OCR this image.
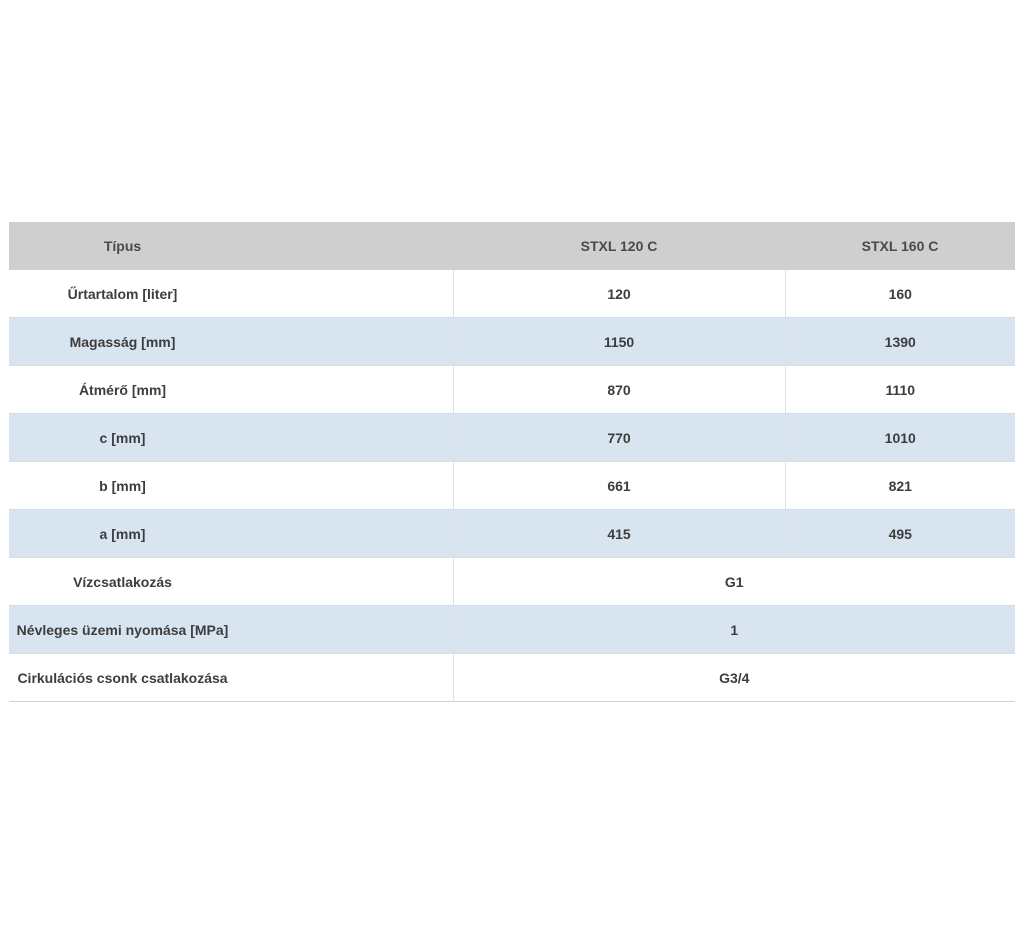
Típus	STXL 120 C	STXL 160 C
Űrtartalom [liter]	120	160
Magasság [mm]	1150	1390
Átmérő [mm]	870	1110
c [mm]	770	1010
b [mm]	661	821
a [mm]	415	495
Vízcsatlakozás	G1	
Névleges üzemi nyomása [MPa]	1	
Cirkulációs csonk csatlakozása	G3/4	
